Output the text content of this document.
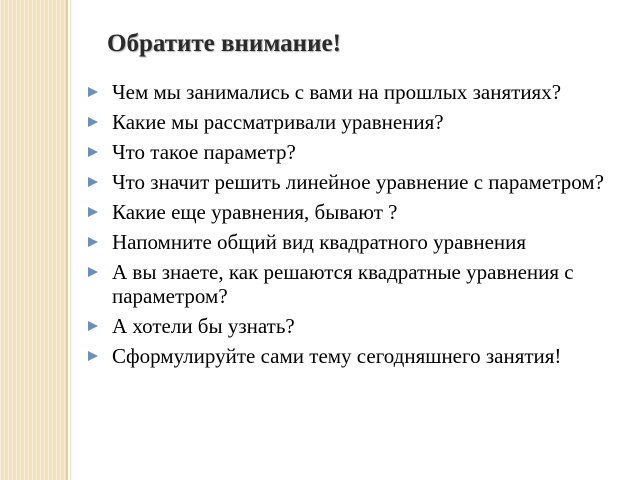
Обратите внимание!
Чем мы занимались с вами на прошлых занятиях?
Какие мы рассматривали уравнения?
Что такое параметр?
Что значит решить линейное уравнение с параметром?
Какие еще уравнения, бывают ?
Напомните общий вид квадратного уравнения
А вы знаете, как решаются квадратные уравнения с параметром?
А хотели бы узнать?
Сформулируйте сами тему сегодняшнего занятия!
